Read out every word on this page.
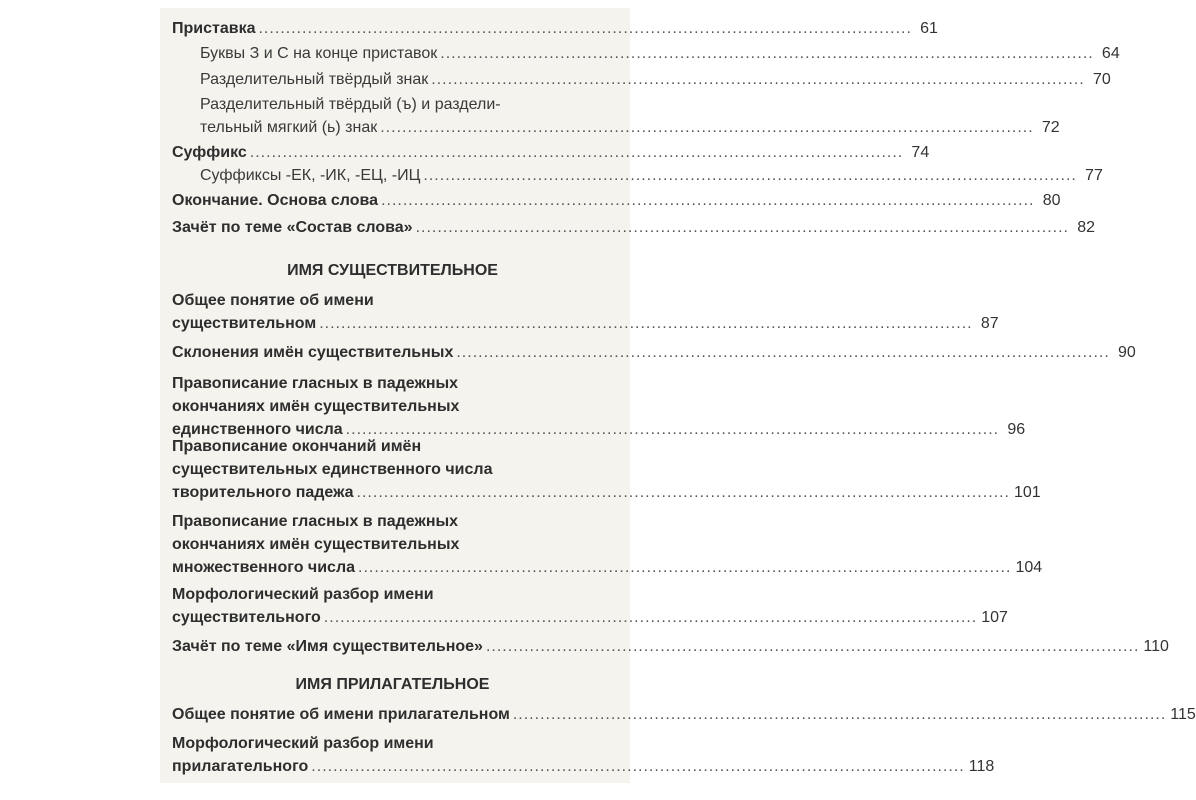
Приставка ........................................................................................................................ 61
Буквы З и С на конце приставок ........................................................................................................................ 64
Разделительный твёрдый знак ........................................................................................................................ 70
Разделительный твёрдый (ъ) и раздели-
тельный мягкий (ь) знак ........................................................................................................................ 72
Суффикс ........................................................................................................................ 74
Суффиксы -ЕК, -ИК, -ЕЦ, -ИЦ ........................................................................................................................ 77
Окончание. Основа слова ........................................................................................................................ 80
Зачёт по теме «Состав слова» ........................................................................................................................ 82
ИМЯ СУЩЕСТВИТЕЛЬНОЕ
Общее понятие об имени
существительном ........................................................................................................................ 87
Склонения имён существительных ........................................................................................................................ 90
Правописание гласных в падежных
окончаниях имён существительных
единственного числа ........................................................................................................................ 96
Правописание окончаний имён
существительных единственного числа
творительного падежа ........................................................................................................................ 101
Правописание гласных в падежных
окончаниях имён существительных
множественного числа ........................................................................................................................ 104
Морфологический разбор имени
существительного ........................................................................................................................ 107
Зачёт по теме «Имя существительное» ........................................................................................................................ 110
ИМЯ ПРИЛАГАТЕЛЬНОЕ
Общее понятие об имени прилагательном ........................................................................................................................ 115
Морфологический разбор имени
прилагательного ........................................................................................................................ 118
